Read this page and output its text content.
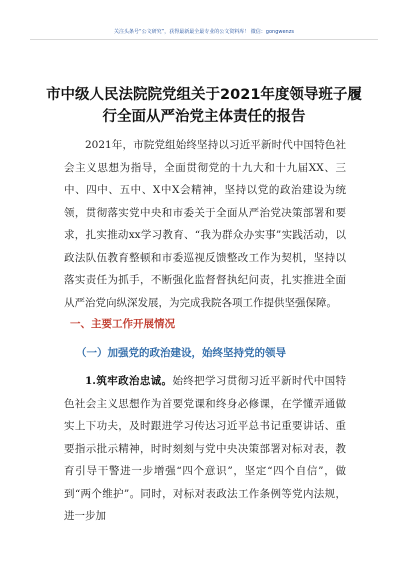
关注头条号“公文研究”，获得最新最全最专业的公文资料库！ 微信：gongwenzs
市中级人民法院院党组关于2021年度领导班子履行全面从严治党主体责任的报告

2021年，市院党组始终坚持以习近平新时代中国特色社会主义思想为指导，全面贯彻党的十九大和十九届XX、三中、四中、五中、X中X会精神，坚持以党的政治建设为统领，贯彻落实党中央和市委关于全面从严治党决策部署和要求，扎实推动xx学习教育、“我为群众办实事”实践活动，以政法队伍教育整顿和市委巡视反馈整改工作为契机，坚持以落实责任为抓手，不断强化监督督执纪问责，扎实推进全面从严治党向纵深发展，为完成我院各项工作提供坚强保障。

一、主要工作开展情况
（一）加强党的政治建设，始终坚持党的领导

1.筑牢政治忠诚。始终把学习贯彻习近平新时代中国特色社会主义思想作为首要党课和终身必修课，在学懂弄通做实上下功夫，及时跟进学习传达习近平总书记重要讲话、重要指示批示精神，时时刻刻与党中央决策部署对标对表，教育引导干警进一步增强“四个意识”，坚定“四个自信”，做到“两个维护”。同时，对标对表政法工作条例等党内法规，进一步加
